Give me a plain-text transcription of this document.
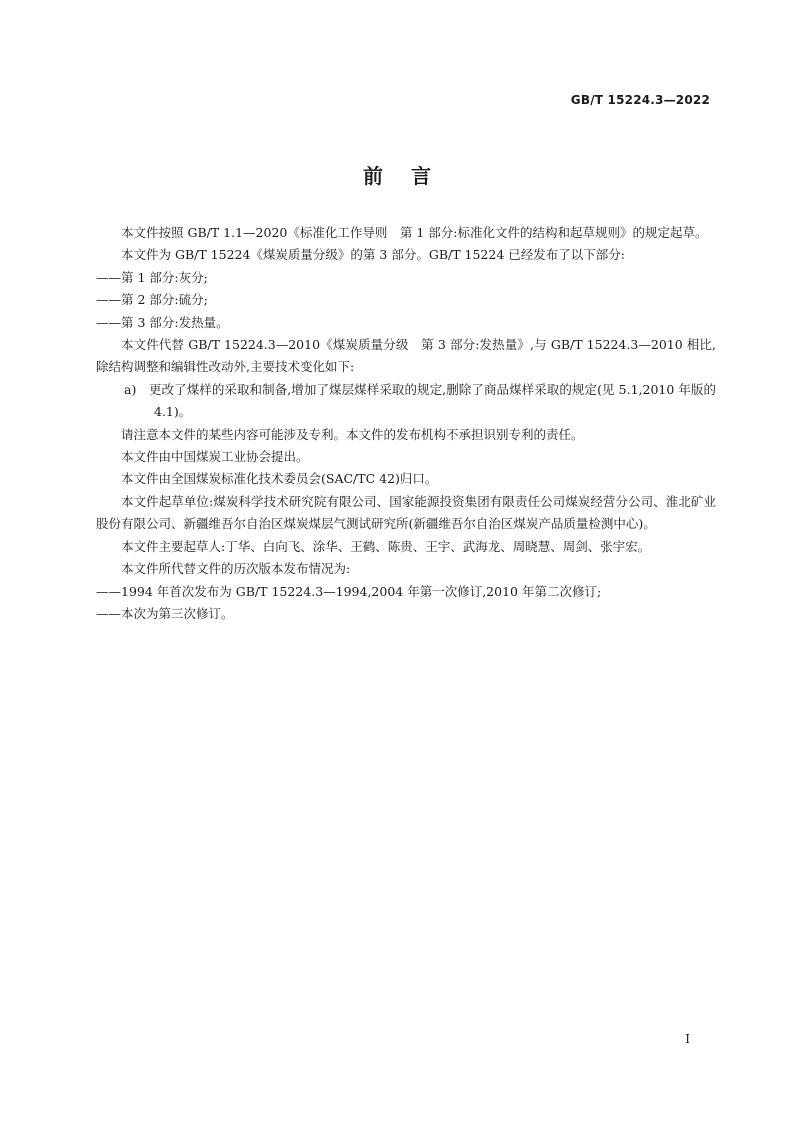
GB/T 15224.3—2022
前言

本文件按照 GB/T 1.1—2020《标准化工作导则　第 1 部分:标准化文件的结构和起草规则》的规定起草。

本文件为 GB/T 15224《煤炭质量分级》的第 3 部分。GB/T 15224 已经发布了以下部分:

——第 1 部分:灰分;

——第 2 部分:硫分;

——第 3 部分:发热量。

本文件代替 GB/T 15224.3—2010《煤炭质量分级　第 3 部分:发热量》,与 GB/T 15224.3—2010 相比,除结构调整和编辑性改动外,主要技术变化如下:

a)　更改了煤样的采取和制备,增加了煤层煤样采取的规定,删除了商品煤样采取的规定(见 5.1,2010 年版的 4.1)。

请注意本文件的某些内容可能涉及专利。本文件的发布机构不承担识别专利的责任。

本文件由中国煤炭工业协会提出。

本文件由全国煤炭标准化技术委员会(SAC/TC 42)归口。

本文件起草单位:煤炭科学技术研究院有限公司、国家能源投资集团有限责任公司煤炭经营分公司、淮北矿业股份有限公司、新疆维吾尔自治区煤炭煤层气测试研究所(新疆维吾尔自治区煤炭产品质量检测中心)。

本文件主要起草人:丁华、白向飞、涂华、王鹤、陈贵、王宇、武海龙、周晓慧、周剑、张宇宏。

本文件所代替文件的历次版本发布情况为:

——1994 年首次发布为 GB/T 15224.3—1994,2004 年第一次修订,2010 年第二次修订;

——本次为第三次修订。

I
